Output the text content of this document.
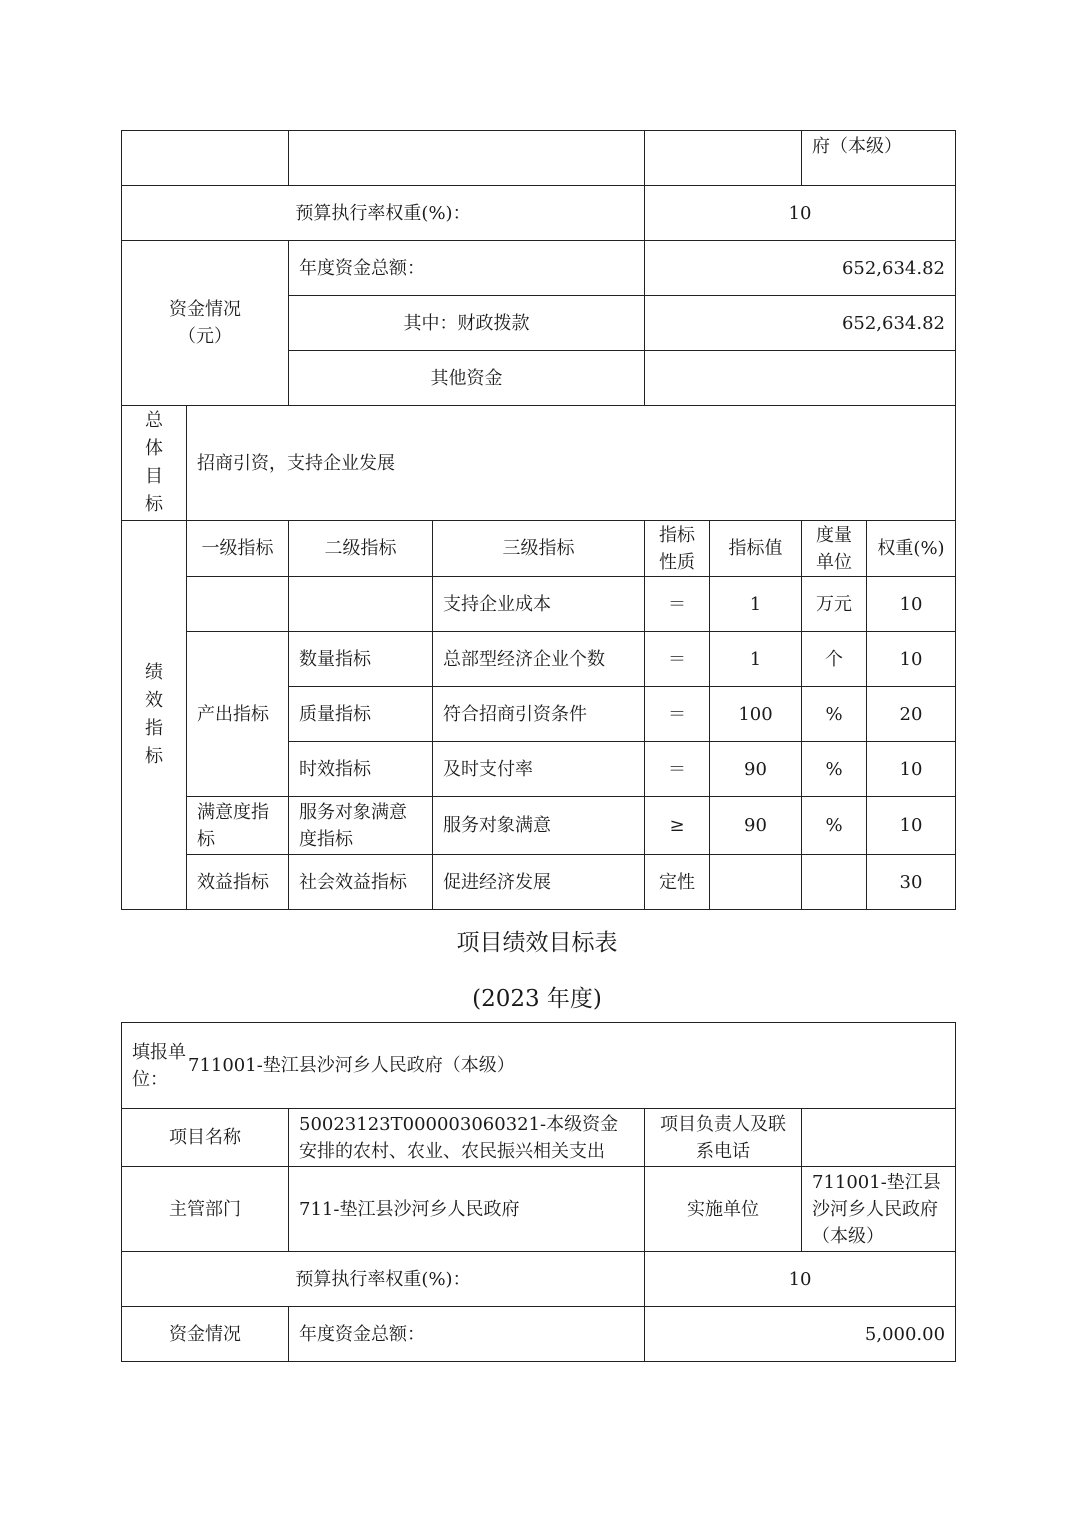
						府（本级）	
预算执行率权重(%)：				10			
资金情况
（元）		年度资金总额：		652,634.82			
		其中：财政拨款		652,634.82			
		其他资金					

总
体
目
标	招商引资，支持企业发展						

绩
效
指
标	一级指标	二级指标	三级指标	指标性质	指标值	度量单位	权重(%)
			支持企业成本	＝	1	万元	10
	产出指标	数量指标	总部型经济企业个数	＝	1	个	10
		质量指标	符合招商引资条件	＝	100	%	20
		时效指标	及时支付率	＝	90	%	10
	满意度指标	服务对象满意度指标	服务对象满意	≥	90	%	10
	效益指标	社会效益指标	促进经济发展	定性			30
项目绩效目标表
(2023 年度)
填报单位：711001-垫江县沙河乡人民政府（本级）			
项目名称	50023123T000003060321-本级资金安排的农村、农业、农民振兴相关支出	项目负责人及联系电话	
主管部门	711-垫江县沙河乡人民政府	实施单位	711001-垫江县沙河乡人民政府（本级）
预算执行率权重(%)：		10	
资金情况	年度资金总额：	5,000.00	
